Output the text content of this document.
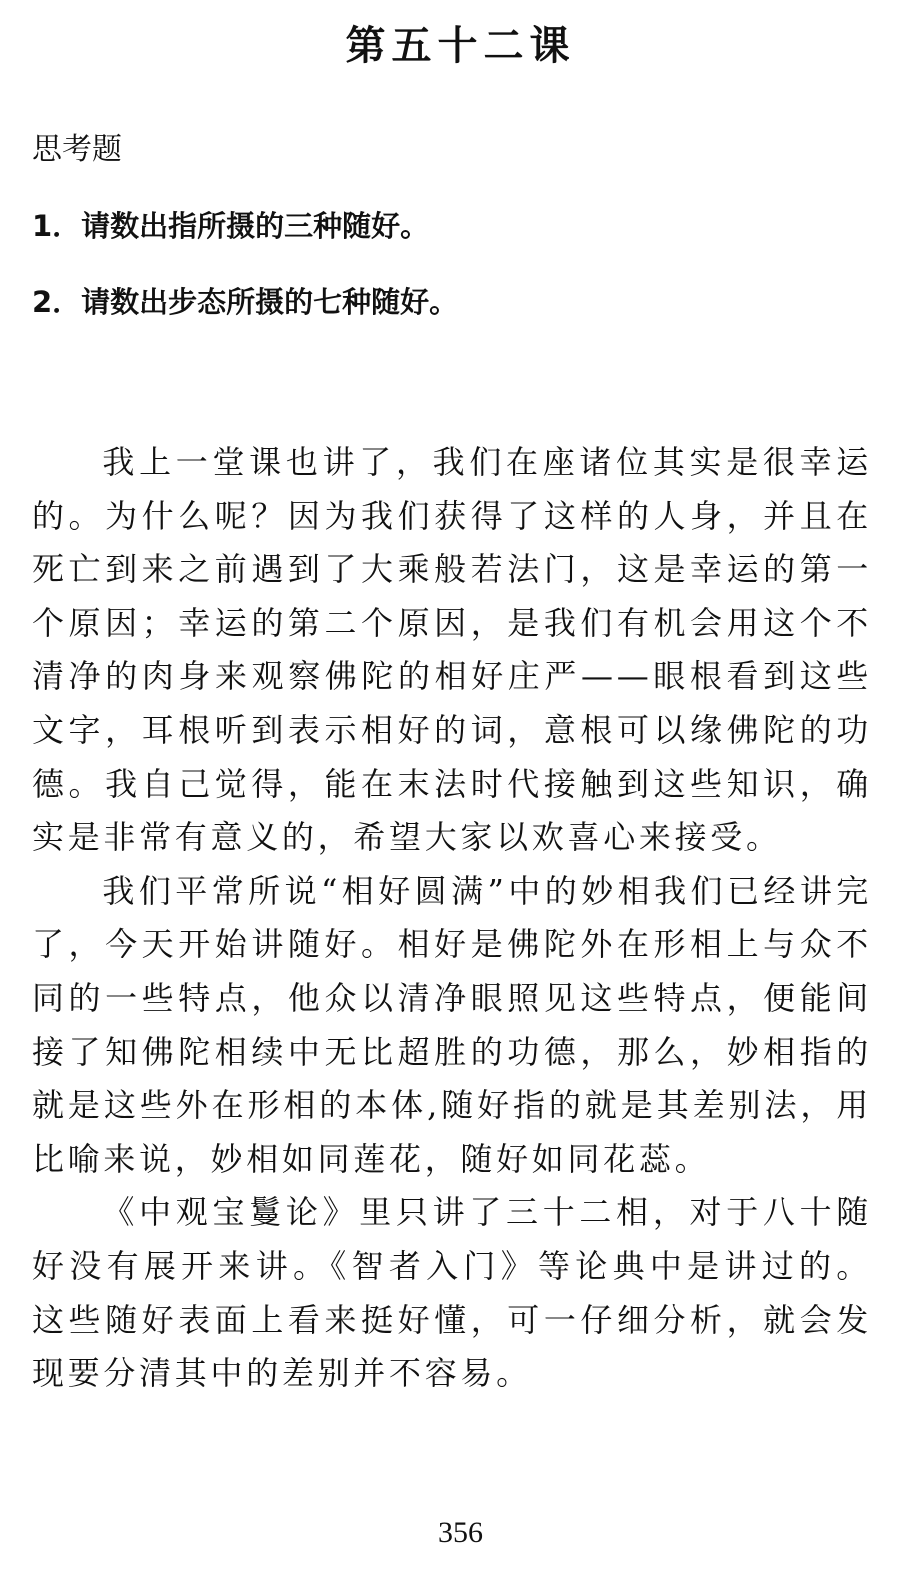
第五十二课
思考题
1．请数出指所摄的三种随好。
2．请数出步态所摄的七种随好。

我上一堂课也讲了，我们在座诸位其实是很幸运的。为什么呢？因为我们获得了这样的人身，并且在死亡到来之前遇到了大乘般若法门，这是幸运的第一个原因；幸运的第二个原因，是我们有机会用这个不清净的肉身来观察佛陀的相好庄严——眼根看到这些文字，耳根听到表示相好的词，意根可以缘佛陀的功德。我自己觉得，能在末法时代接触到这些知识，确实是非常有意义的，希望大家以欢喜心来接受。

我们平常所说“相好圆满”中的妙相我们已经讲完了，今天开始讲随好。相好是佛陀外在形相上与众不同的一些特点，他众以清净眼照见这些特点，便能间接了知佛陀相续中无比超胜的功德，那么，妙相指的就是这些外在形相的本体,随好指的就是其差别法，用比喻来说，妙相如同莲花，随好如同花蕊。

《中观宝鬘论》里只讲了三十二相，对于八十随好没有展开来讲。《智者入门》等论典中是讲过的。这些随好表面上看来挺好懂，可一仔细分析，就会发现要分清其中的差别并不容易。

356
